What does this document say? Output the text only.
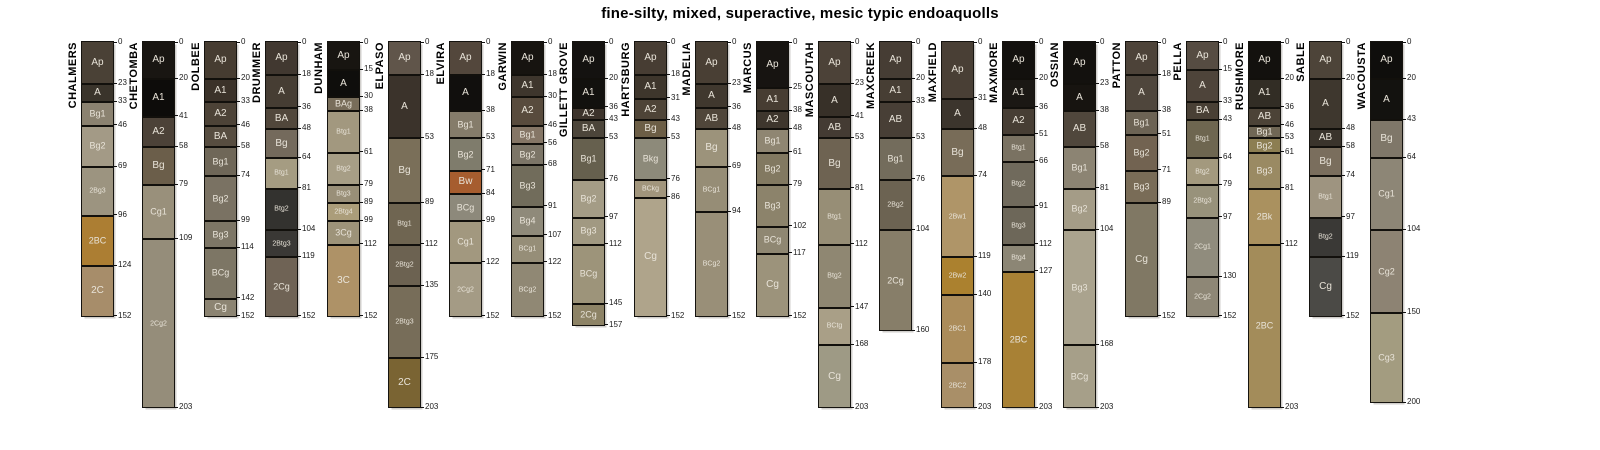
fine-silty, mixed, superactive, mesic typic endoaquolls
CHALMERS	Ap
A
Bg1
Bg2
2Bg3
2BC
2C
0
23
33
46
69
96
124
152
CHETOMBA	Ap
A1
A2
Bg
Cg1
2Cg2
0
20
41
58
79
109
203
DOLBEE	Ap
A1
A2
BA
Bg1
Bg2
Bg3
BCg
Cg
0
20
33
46
58
74
99
114
142
152
DRUMMER	Ap
A
BA
Bg
Btg1
Btg2
2Btg3
2Cg
0
18
36
48
64
81
104
119
152
DUNHAM	Ap
A
BAg
Btg1
Btg2
Btg3
2Btg4
3Cg
3C
0
15
30
38
61
79
89
99
112
152
ELPASO	Ap
A
Bg
Btg1
2Btg2
2Btg3
2C
0
18
53
89
112
135
175
203
ELVIRA	Ap
A
Bg1
Bg2
Bw
BCg
Cg1
2Cg2
0
18
38
53
71
84
99
122
152
GARWIN	Ap
A1
A2
Bg1
Bg2
Bg3
Bg4
BCg1
BCg2
0
18
30
46
56
68
91
107
122
152
GILLETT GROVE	Ap
A1
A2
BA
Bg1
Bg2
Bg3
BCg
2Cg
0
20
36
43
53
76
97
112
145
157
HARTSBURG	Ap
A1
A2
Bg
Bkg
BCkg
Cg
0
18
31
43
53
76
86
152
MADELIA	Ap
A
AB
Bg
BCg1
BCg2
0
23
36
48
69
94
152
MARCUS	Ap
A1
A2
Bg1
Bg2
Bg3
BCg
Cg
0
25
38
48
61
79
102
117
152
MASCOUTAH	Ap
A
AB
Bg
Btg1
Btg2
BCtg
Cg
0
23
41
53
81
112
147
168
203
MAXCREEK	Ap
A1
AB
Bg1
2Bg2
2Cg
0
20
33
53
76
104
160
MAXFIELD	Ap
A
Bg
2Bw1
2Bw2
2BC1
2BC2
0
31
48
74
119
140
178
203
MAXMORE	Ap
A1
A2
Btg1
Btg2
Btg3
Btg4
2BC
0
20
36
51
66
91
112
127
203
OSSIAN	Ap
A
AB
Bg1
Bg2
Bg3
BCg
0
23
38
58
81
104
168
203
PATTON	Ap
A
Bg1
Bg2
Bg3
Cg
0
18
38
51
71
89
152
PELLA	Ap
A
BA
Btg1
Btg2
2Btg3
2Cg1
2Cg2
0
15
33
43
64
79
97
130
152
RUSHMORE	Ap
A1
AB
Bg1
Bg2
Bg3
2Bk
2BC
0
20
36
46
53
61
81
112
203
SABLE	Ap
A
AB
Bg
Btg1
Btg2
Cg
0
20
48
58
74
97
119
152
WACOUSTA	Ap
A
Bg
Cg1
Cg2
Cg3
0
20
43
64
104
150
200
